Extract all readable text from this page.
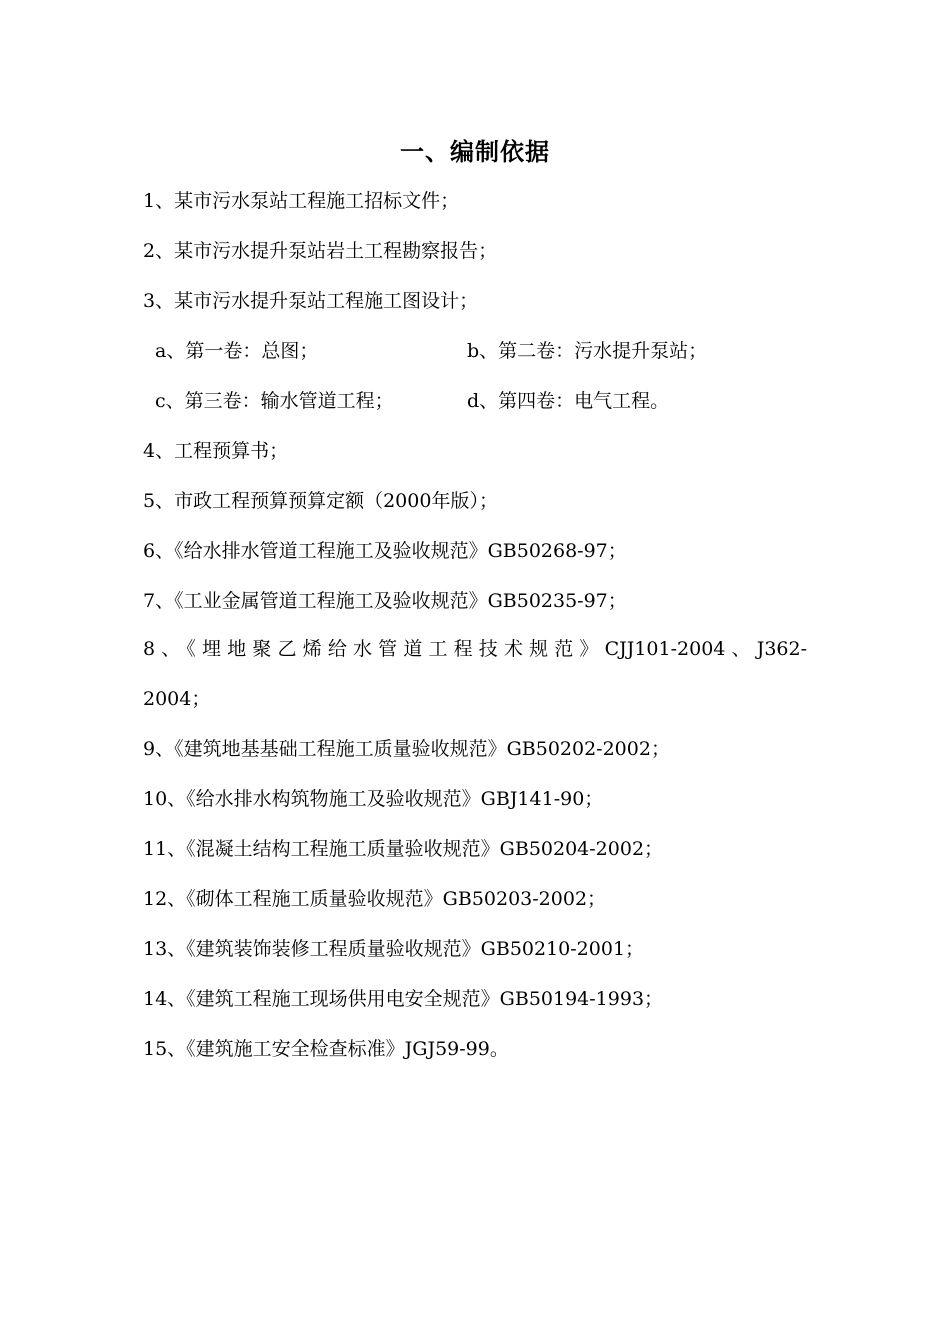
一、编制依据
1、某市污水泵站工程施工招标文件；
2、某市污水提升泵站岩土工程勘察报告；
3、某市污水提升泵站工程施工图设计；
a、第一卷：总图；	b、第二卷：污水提升泵站；
c、第三卷：输水管道工程；	d、第四卷：电气工程。
4、工程预算书；
5、市政工程预算预算定额（2000年版）；
6、《给水排水管道工程施工及验收规范》GB50268-97；
7、《工业金属管道工程施工及验收规范》GB50235-97；
8、《埋地聚乙烯给水管道工程技术规范》CJJ101-2004、J362-
2004；
9、《建筑地基基础工程施工质量验收规范》GB50202-2002；
10、《给水排水构筑物施工及验收规范》GBJ141-90；
11、《混凝土结构工程施工质量验收规范》GB50204-2002；
12、《砌体工程施工质量验收规范》GB50203-2002；
13、《建筑装饰装修工程质量验收规范》GB50210-2001；
14、《建筑工程施工现场供用电安全规范》GB50194-1993；
15、《建筑施工安全检查标准》JGJ59-99。
